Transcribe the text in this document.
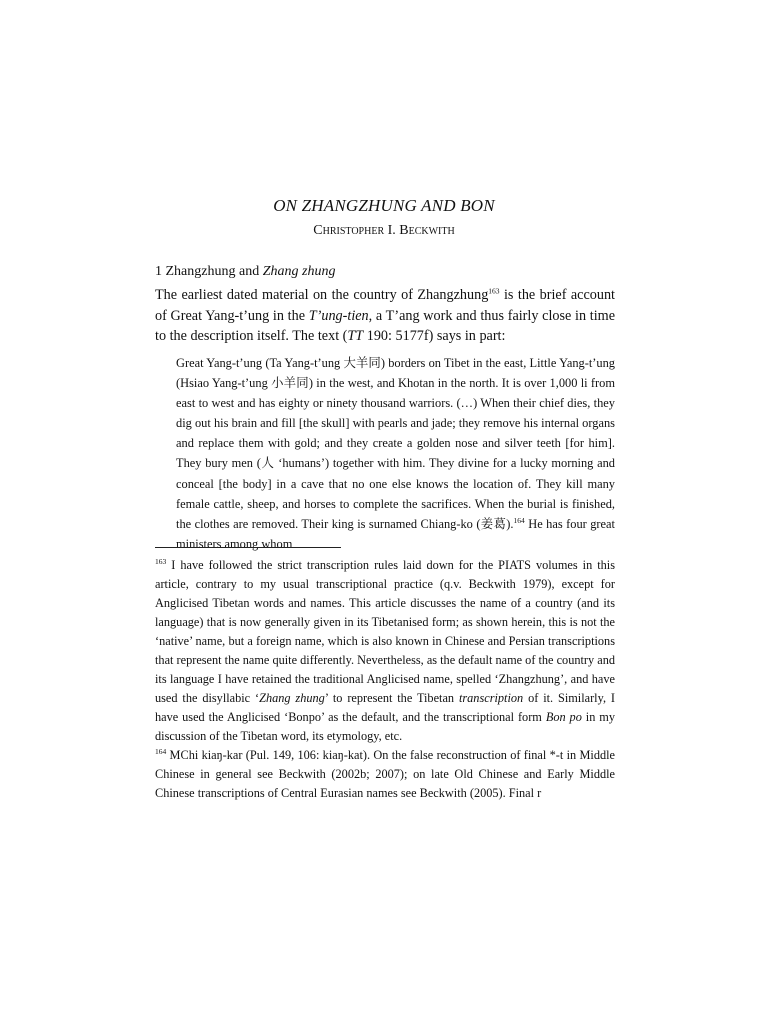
ON ZHANGZHUNG AND BON
Christopher I. Beckwith
1 Zhangzhung and Zhang zhung
The earliest dated material on the country of Zhangzhung$^{163}$ is the brief account of Great Yang-t’ung in the T’ung-tien, a T’ang work and thus fairly close in time to the description itself. The text (TT 190: 5177f) says in part:
Great Yang-t’ung (Ta Yang-t’ung 大羊同) borders on Tibet in the east, Little Yang-t’ung (Hsiao Yang-t’ung 小羊同) in the west, and Khotan in the north. It is over 1,000 li from east to west and has eighty or ninety thousand warriors. (…) When their chief dies, they dig out his brain and fill [the skull] with pearls and jade; they remove his internal organs and replace them with gold; and they create a golden nose and silver teeth [for him]. They bury men (人 ‘humans’) together with him. They divine for a lucky morning and conceal [the body] in a cave that no one else knows the location of. They kill many female cattle, sheep, and horses to complete the sacrifices. When the burial is finished, the clothes are removed. Their king is surnamed Chiang-ko (姜葛).$^{164}$ He has four great ministers among whom

$^{163}$ I have followed the strict transcription rules laid down for the PIATS volumes in this article, contrary to my usual transcriptional practice (q.v. Beckwith 1979), except for Anglicised Tibetan words and names. This article discusses the name of a country (and its language) that is now generally given in its Tibetanised form; as shown herein, this is not the ‘native’ name, but a foreign name, which is also known in Chinese and Persian transcriptions that represent the name quite differently. Nevertheless, as the default name of the country and its language I have retained the traditional Anglicised name, spelled ‘Zhangzhung’, and have used the disyllabic ‘Zhang zhung’ to represent the Tibetan transcription of it. Similarly, I have used the Anglicised ‘Bonpo’ as the default, and the transcriptional form Bon po in my discussion of the Tibetan word, its etymology, etc.

$^{164}$ MChi kiaŋ-kar (Pul. 149, 106: kiaŋ-kat). On the false reconstruction of final *-t in Middle Chinese in general see Beckwith (2002b; 2007); on late Old Chinese and Early Middle Chinese transcriptions of Central Eurasian names see Beckwith (2005). Final r
